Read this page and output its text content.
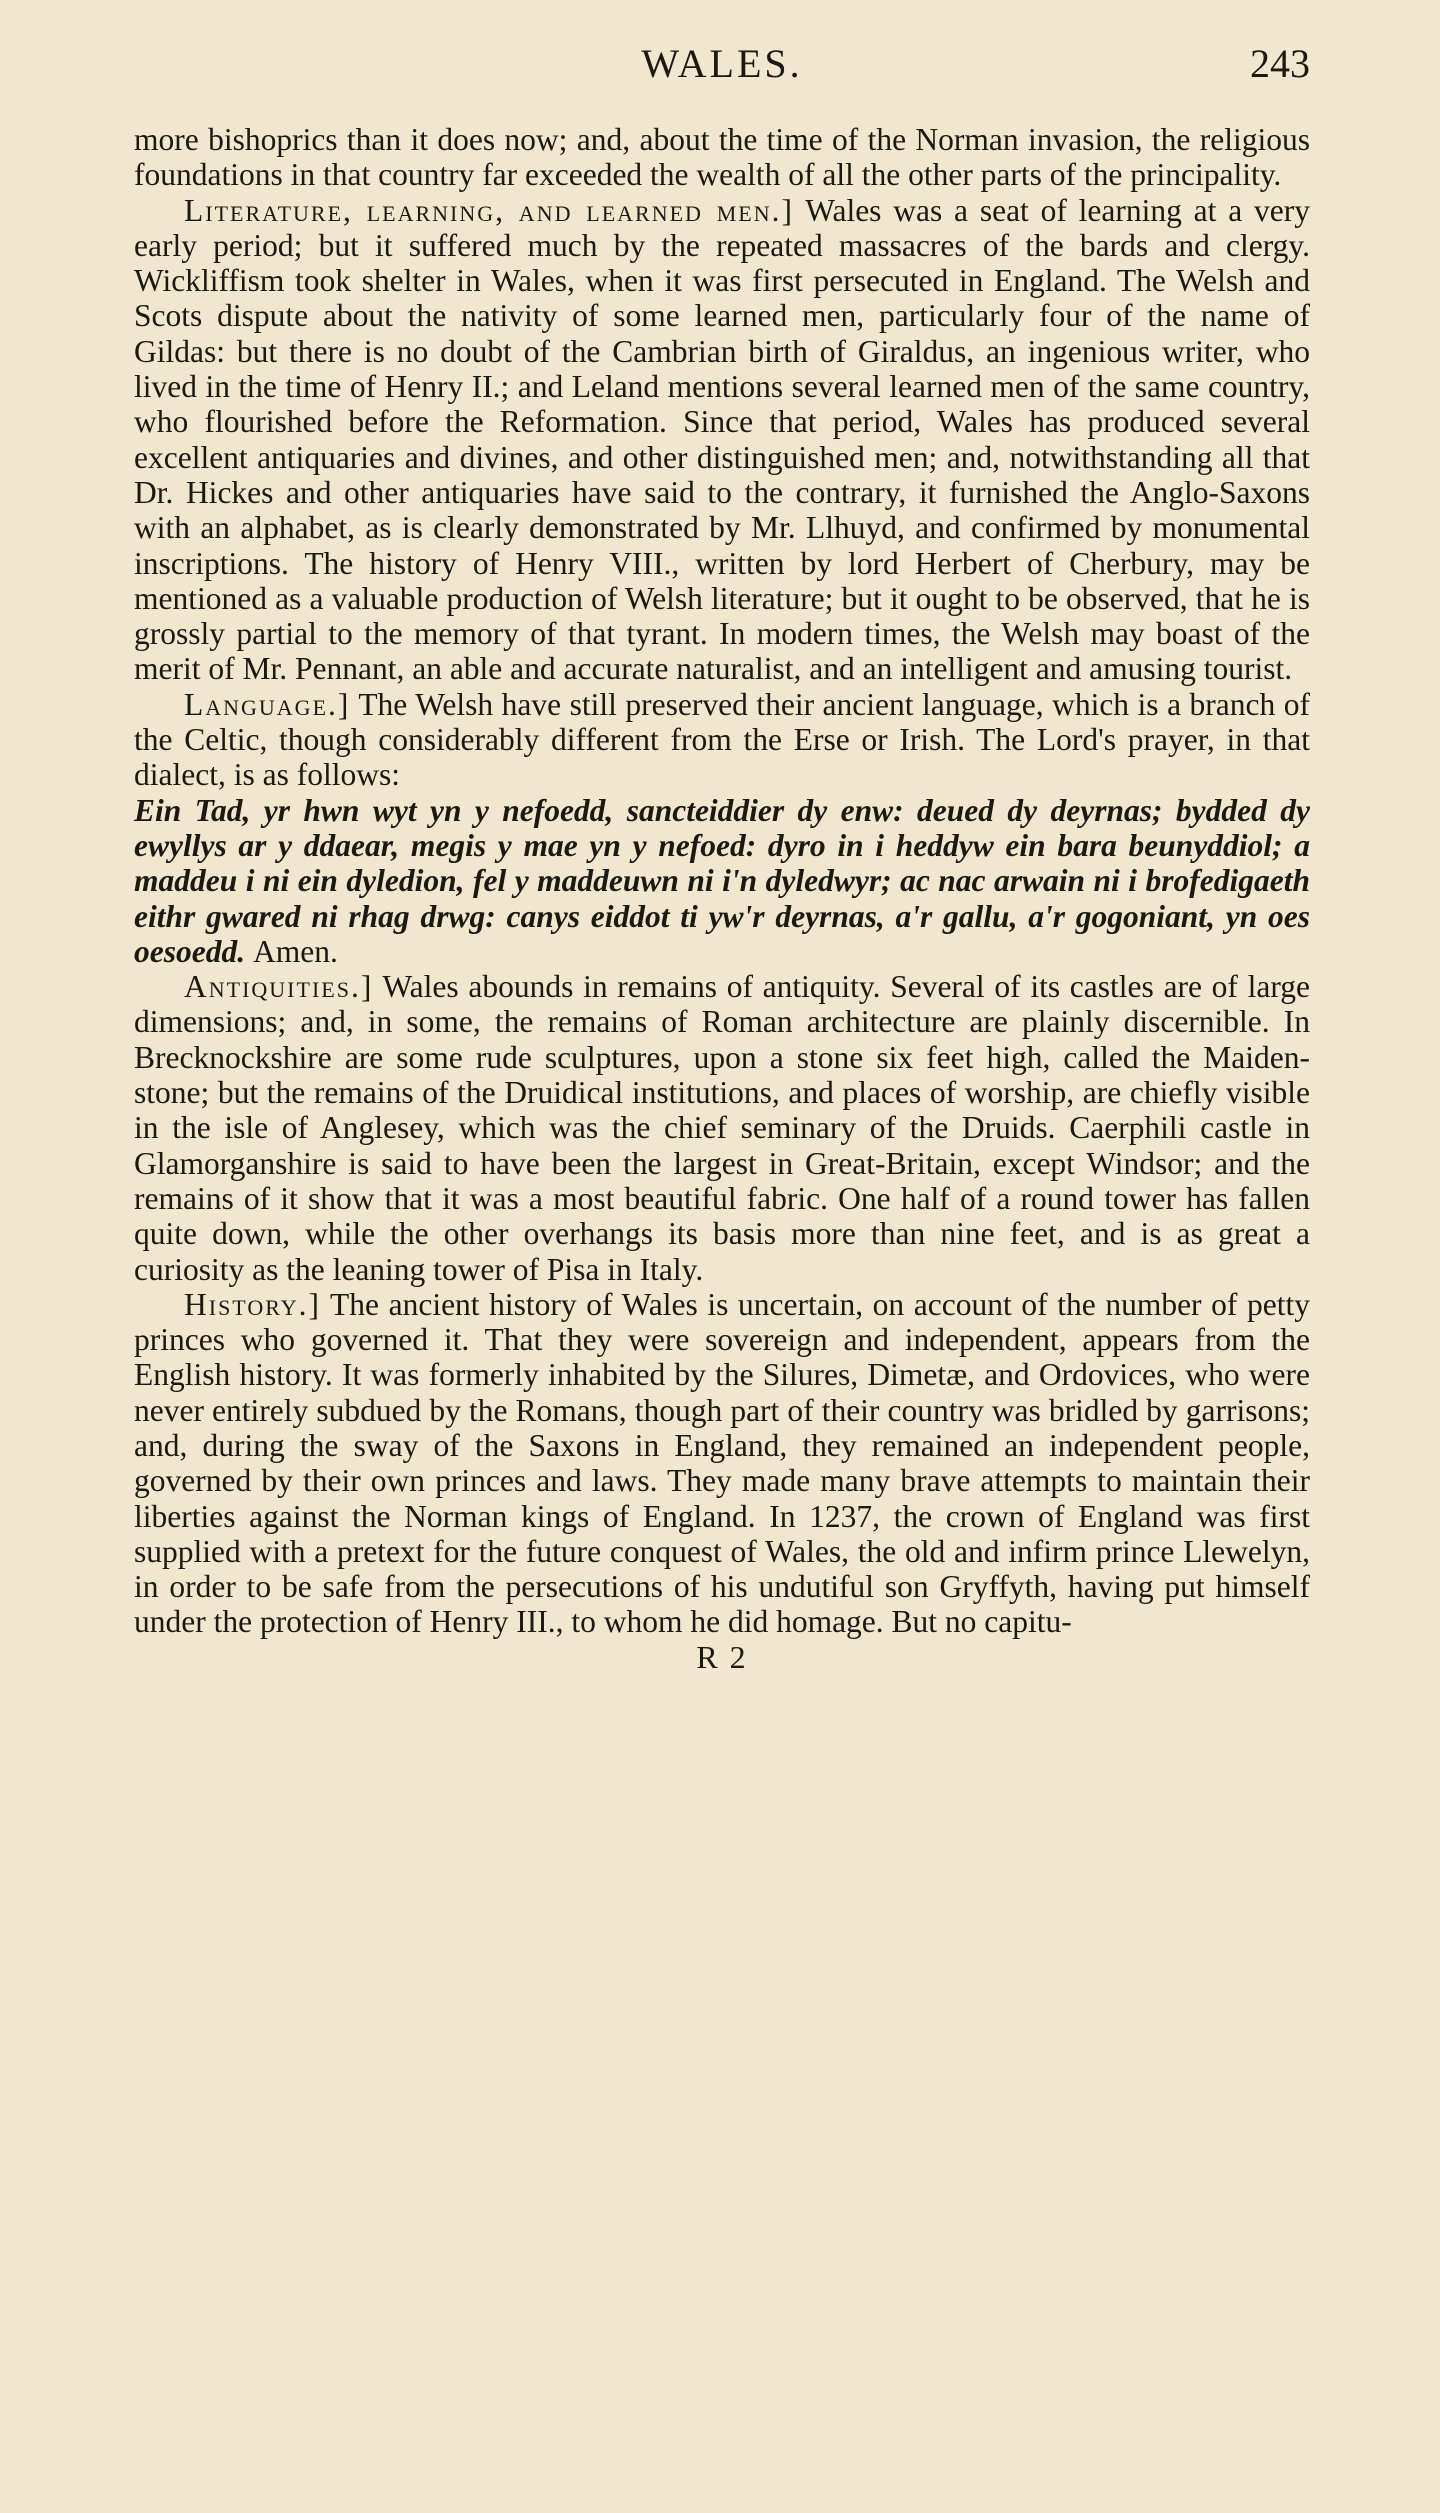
WALES.	243

more bishoprics than it does now; and, about the time of the Norman invasion, the religious foundations in that country far exceeded the wealth of all the other parts of the principality.

Literature, learning, and learned men.] Wales was a seat of learning at a very early period; but it suffered much by the repeated massacres of the bards and clergy. Wickliffism took shelter in Wales, when it was first persecuted in England. The Welsh and Scots dispute about the nativity of some learned men, particularly four of the name of Gildas: but there is no doubt of the Cambrian birth of Giraldus, an ingenious writer, who lived in the time of Henry II.; and Leland mentions several learned men of the same country, who flourished before the Reformation. Since that period, Wales has produced several excellent antiquaries and divines, and other distinguished men; and, notwithstanding all that Dr. Hickes and other antiquaries have said to the contrary, it furnished the Anglo-Saxons with an alphabet, as is clearly demonstrated by Mr. Llhuyd, and confirmed by monumental inscriptions. The history of Henry VIII., written by lord Herbert of Cherbury, may be mentioned as a valuable production of Welsh literature; but it ought to be observed, that he is grossly partial to the memory of that tyrant. In modern times, the Welsh may boast of the merit of Mr. Pennant, an able and accurate naturalist, and an intelligent and amusing tourist.

Language.] The Welsh have still preserved their ancient language, which is a branch of the Celtic, though considerably different from the Erse or Irish. The Lord's prayer, in that dialect, is as follows:

Ein Tad, yr hwn wyt yn y nefoedd, sancteiddier dy enw: deued dy deyrnas; bydded dy ewyllys ar y ddaear, megis y mae yn y nefoed: dyro in i heddyw ein bara beunyddiol; a maddeu i ni ein dyledion, fel y maddeuwn ni i'n dyledwyr; ac nac arwain ni i brofedigaeth eithr gwared ni rhag drwg: canys eiddot ti yw'r deyrnas, a'r gallu, a'r gogoniant, yn oes oesoedd. Amen.

Antiquities.] Wales abounds in remains of antiquity. Several of its castles are of large dimensions; and, in some, the remains of Roman architecture are plainly discernible. In Brecknockshire are some rude sculptures, upon a stone six feet high, called the Maiden-stone; but the remains of the Druidical institutions, and places of worship, are chiefly visible in the isle of Anglesey, which was the chief seminary of the Druids. Caerphili castle in Glamorganshire is said to have been the largest in Great-Britain, except Windsor; and the remains of it show that it was a most beautiful fabric. One half of a round tower has fallen quite down, while the other overhangs its basis more than nine feet, and is as great a curiosity as the leaning tower of Pisa in Italy.

History.] The ancient history of Wales is uncertain, on account of the number of petty princes who governed it. That they were sovereign and independent, appears from the English history. It was formerly inhabited by the Silures, Dimetæ, and Ordovices, who were never entirely subdued by the Romans, though part of their country was bridled by garrisons; and, during the sway of the Saxons in England, they remained an independent people, governed by their own princes and laws. They made many brave attempts to maintain their liberties against the Norman kings of England. In 1237, the crown of England was first supplied with a pretext for the future conquest of Wales, the old and infirm prince Llewelyn, in order to be safe from the persecutions of his undutiful son Gryffyth, having put himself under the protection of Henry III., to whom he did homage. But no capitu-

R 2
